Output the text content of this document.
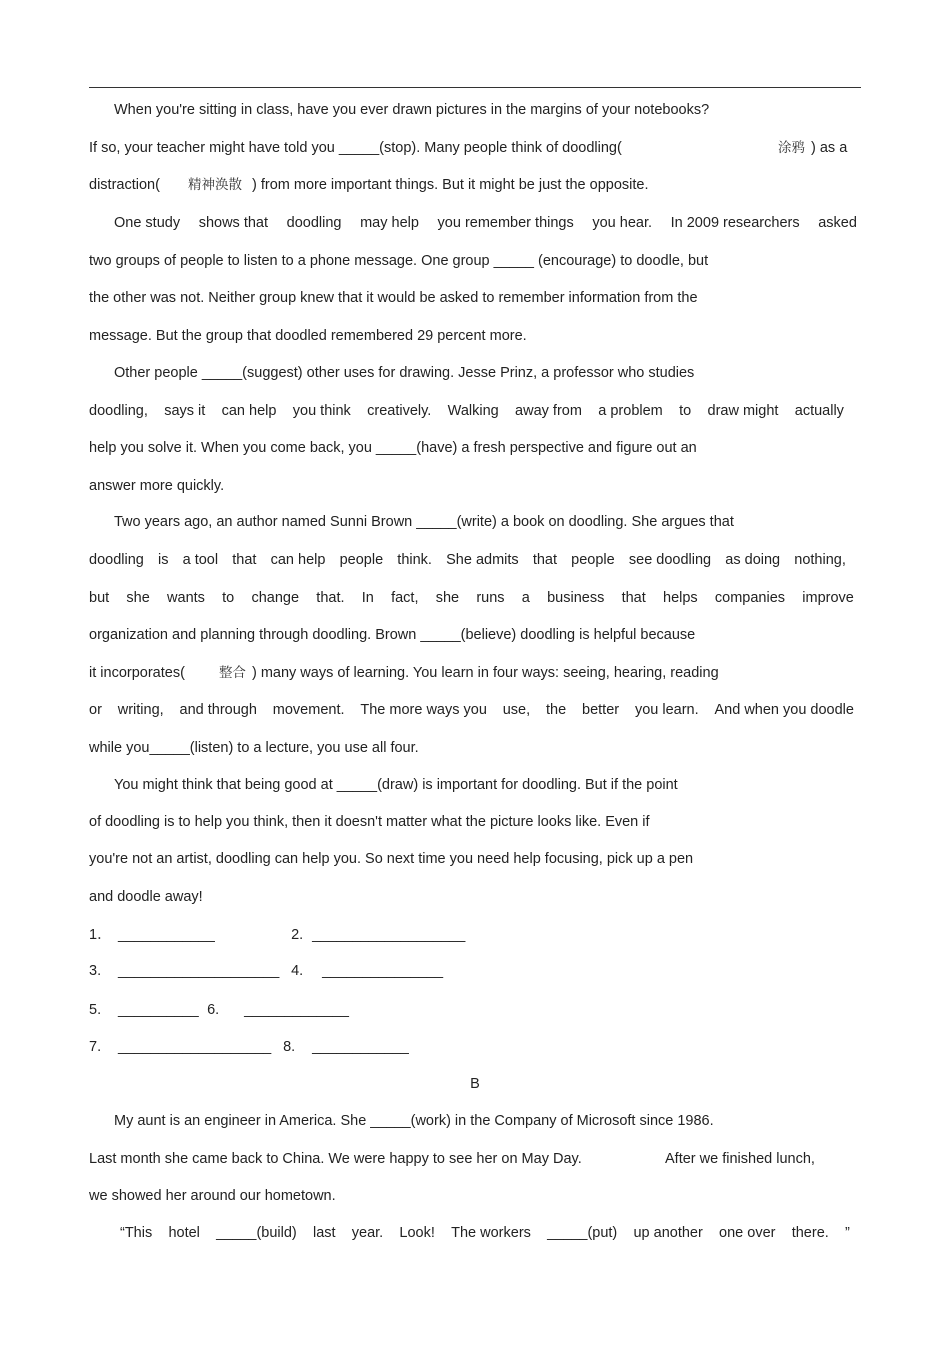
When you're sitting in class, have you ever drawn pictures in the margins of your notebooks?
If so, your teacher might have told you _____(stop). Many people think of doodling(	涂鸦 ) as a
distraction( 精神涣散 ) from more important things. But it might be just the opposite.
One study shows that doodling may help you remember things you hear. In 2009 researchers asked
two groups of people to listen to a phone message. One group _____ (encourage) to doodle, but
the other was not. Neither group knew that it would be asked to remember information from the
message. But the group that doodled remembered 29 percent more.
Other people _____(suggest) other uses for drawing. Jesse Prinz, a professor who studies
doodling, says it can help you think creatively. Walking away from a problem to draw might actually
help you solve it. When you come back, you _____(have) a fresh perspective and figure out an
answer more quickly.
Two years ago, an author named Sunni Brown _____(write) a book on doodling. She argues that
doodling is a tool that can help people think. She admits that people see doodling as doing nothing,
but she wants to change that. In fact, she runs a business that helps companies improve
organization and planning through doodling. Brown _____(believe) doodling is helpful because
it incorporates(	整合 ) many ways of learning. You learn in four ways: seeing, hearing, reading
or writing, and through movement. The more ways you use, the better you learn. And when you doodle
while you_____(listen) to a lecture, you use all four.
You might think that being good at _____(draw) is important for doodling. But if the point
of doodling is to help you think, then it doesn't matter what the picture looks like. Even if
you're not an artist, doodling can help you. So next time you need help focusing, pick up a pen
and doodle away!
1． ____________	2. ___________________
3. ____________________ 4. _______________
5. __________ 6. _____________
7. ___________________ 8. ____________
B
My aunt is an engineer in America. She _____(work) in the Company of Microsoft since 1986.
Last month she came back to China. We were happy to see her on May Day.	After we finished lunch,
we showed her around our hometown.
“This hotel _____(build) last year. Look! The workers _____(put) up another one over there. ”
